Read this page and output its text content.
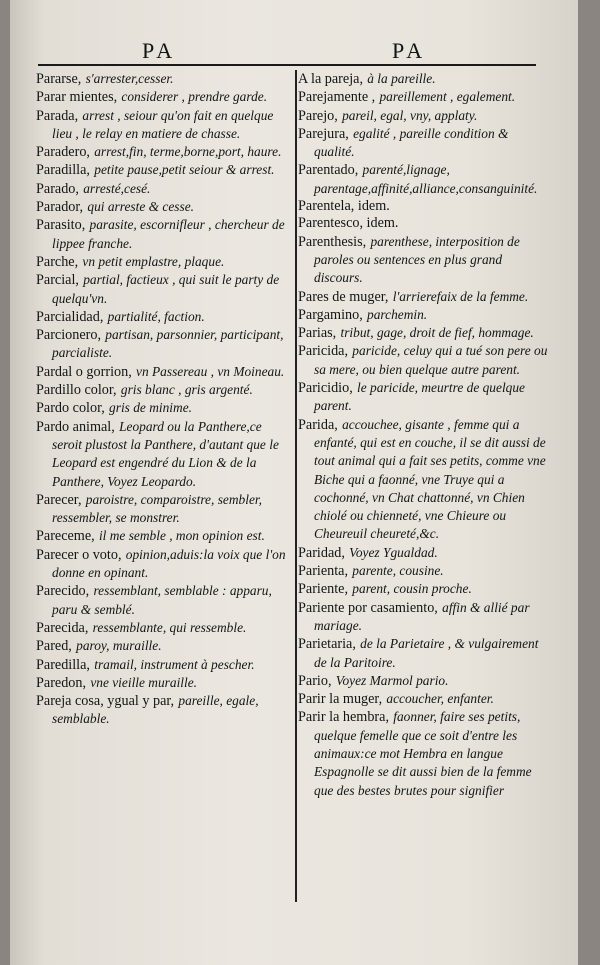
PA	PA

Pararse, s'arrester,cesser.

Parar mientes, considerer , prendre garde.

Parada, arrest , seiour qu'on fait en quelque lieu , le relay en matiere de chasse.

Paradero, arrest,fin, terme,borne,port, haure.

Paradilla, petite pause,petit seiour & arrest.

Parado, arresté,cesé.

Parador, qui arreste & cesse.

Parasito, parasite, escornifleur , chercheur de lippee franche.

Parche, vn petit emplastre, plaque.

Parcial, partial, factieux , qui suit le party de quelqu'vn.

Parcialidad, partialité, faction.

Parcionero, partisan, parsonnier, participant, parcialiste.

Pardal o gorrion, vn Passereau , vn Moineau.

Pardillo color, gris blanc , gris argenté.

Pardo color, gris de minime.

Pardo animal, Leopard ou la Panthere,ce seroit plustost la Panthere, d'autant que le Leopard est engendré du Lion & de la Panthere, Voyez Leopardo.

Parecer, paroistre, comparoistre, sembler, ressembler, se monstrer.

Pareceme, il me semble , mon opinion est.

Parecer o voto, opinion,aduis:la voix que l'on donne en opinant.

Parecido, ressemblant, semblable : apparu, paru & semblé.

Parecida, ressemblante, qui ressemble.

Pared, paroy, muraille.

Paredilla, tramail, instrument à pescher.

Paredon, vne vieille muraille.

Pareja cosa, ygual y par, pareille, egale, semblable.

A la pareja, à la pareille.

Parejamente , pareillement , egalement.

Parejo, pareil, egal, vny, applaty.

Parejura, egalité , pareille condition & qualité.

Parentado, parenté,lignage, parentage,affinité,alliance,consanguinité.

Parentela, idem.

Parentesco, idem.

Parenthesis, parenthese, interposition de paroles ou sentences en plus grand discours.

Pares de muger, l'arrierefaix de la femme.

Pargamino, parchemin.

Parias, tribut, gage, droit de fief, hommage.

Paricida, paricide, celuy qui a tué son pere ou sa mere, ou bien quelque autre parent.

Paricidio, le paricide, meurtre de quelque parent.

Parida, accouchee, gisante , femme qui a enfanté, qui est en couche, il se dit aussi de tout animal qui a fait ses petits, comme vne Biche qui a faonné, vne Truye qui a cochonné, vn Chat chattonné, vn Chien chiolé ou chienneté, vne Chieure ou Cheureuil cheureté,&c.

Paridad, Voyez Ygualdad.

Parienta, parente, cousine.

Pariente, parent, cousin proche.

Pariente por casamiento, affin & allié par mariage.

Parietaria, de la Parietaire , & vulgairement de la Paritoire.

Pario, Voyez Marmol pario.

Parir la muger, accoucher, enfanter.

Parir la hembra, faonner, faire ses petits, quelque femelle que ce soit d'entre les animaux:ce mot Hembra en langue Espagnolle se dit aussi bien de la femme que des bestes brutes pour signifier
